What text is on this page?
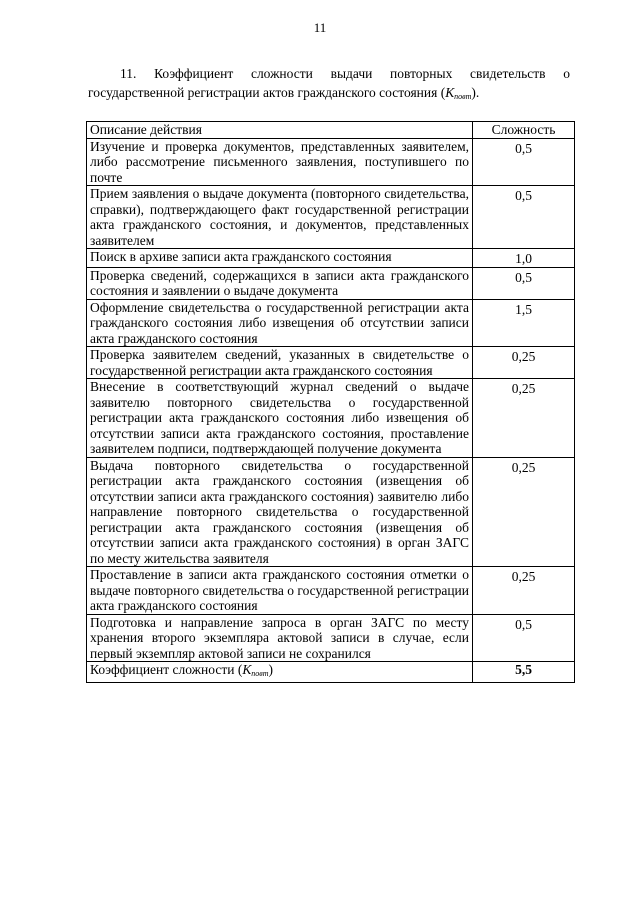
11

11. Коэффициент сложности выдачи повторных свидетельств о государственной регистрации актов гражданского состояния $(К_{повт})$.

Описание действия	Сложность
Изучение и проверка документов, представленных заявителем, либо рассмотрение письменного заявления, поступившего по почте	0,5
Прием заявления о выдаче документа (повторного свидетельства, справки), подтверждающего факт государственной регистрации акта гражданского состояния, и документов, представленных заявителем	0,5
Поиск в архиве записи акта гражданского состояния	1,0
Проверка сведений, содержащихся в записи акта гражданского состояния и заявлении о выдаче документа	0,5
Оформление свидетельства о государственной регистрации акта гражданского состояния либо извещения об отсутствии записи акта гражданского состояния	1,5
Проверка заявителем сведений, указанных в свидетельстве о государственной регистрации акта гражданского состояния	0,25
Внесение в соответствующий журнал сведений о выдаче заявителю повторного свидетельства о государственной регистрации акта гражданского состояния либо извещения об отсутствии записи акта гражданского состояния, проставление заявителем подписи, подтверждающей получение документа	0,25
Выдача повторного свидетельства о государственной регистрации акта гражданского состояния (извещения об отсутствии записи акта гражданского состояния) заявителю либо направление повторного свидетельства о государственной регистрации акта гражданского состояния (извещения об отсутствии записи акта гражданского состояния) в орган ЗАГС по месту жительства заявителя	0,25
Проставление в записи акта гражданского состояния отметки о выдаче повторного свидетельства о государственной регистрации акта гражданского состояния	0,25
Подготовка и направление запроса в орган ЗАГС по месту хранения второго экземпляра актовой записи в случае, если первый экземпляр актовой записи не сохранился	0,5
Коэффициент сложности $(К_{повт})$	5,5
